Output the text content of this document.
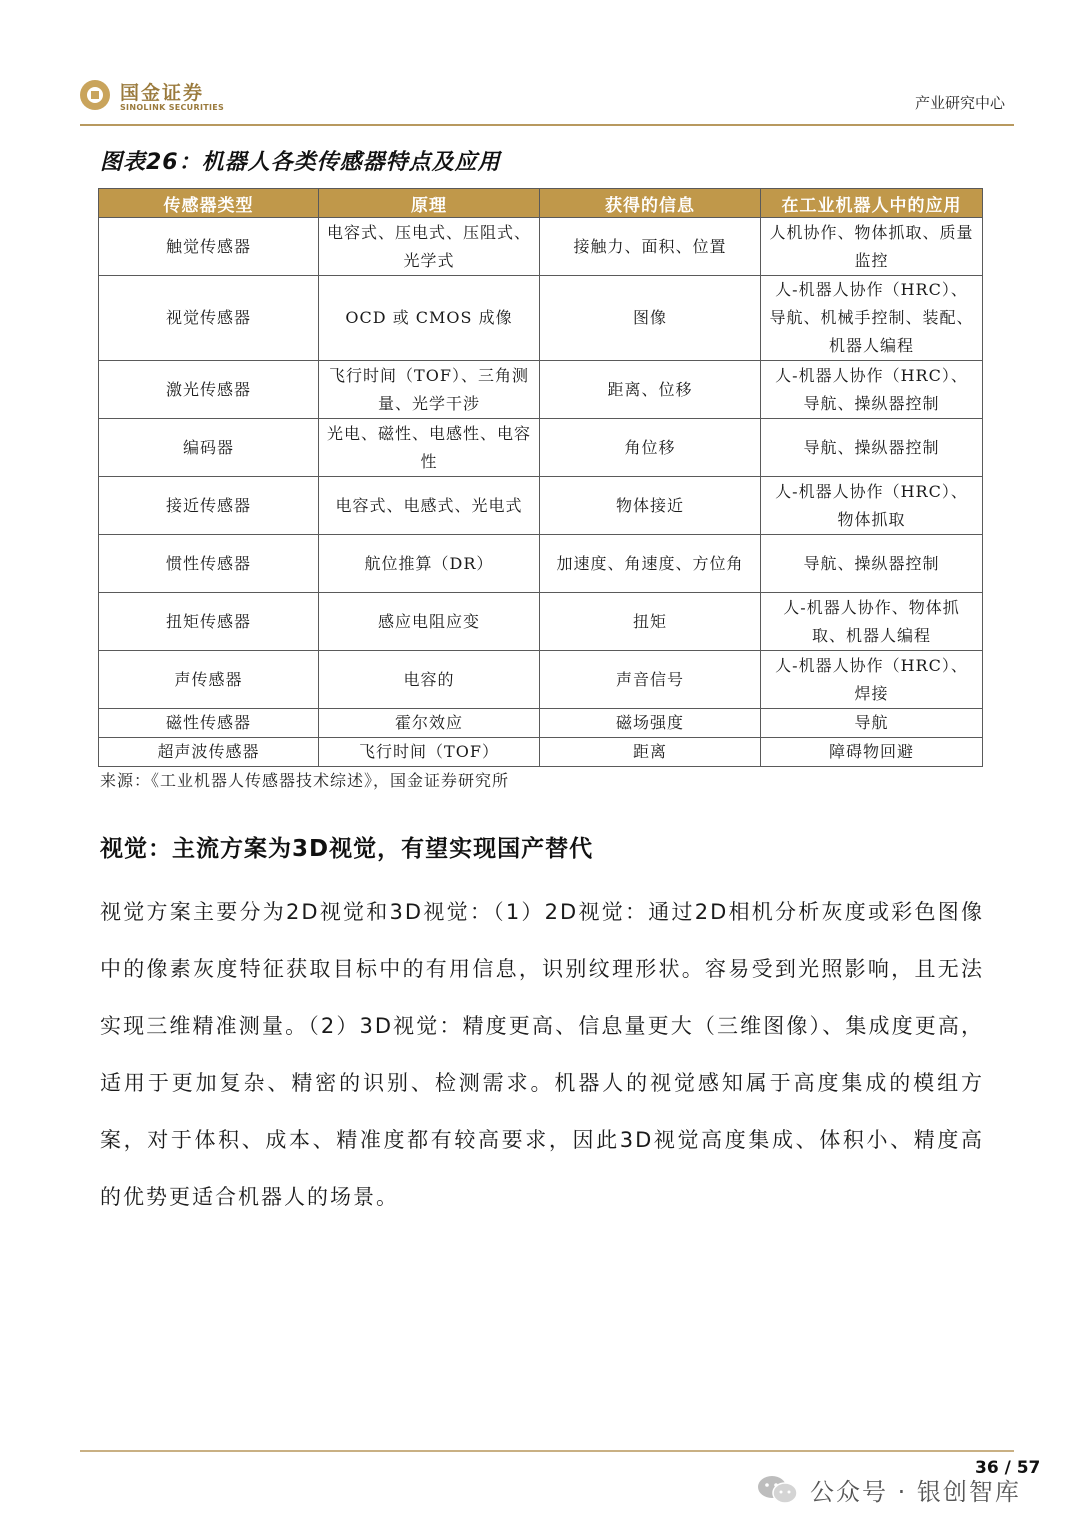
国金证券
SINOLINK SECURITIES	产业研究中心
图表26：机器人各类传感器特点及应用
传感器类型	原理	获得的信息	在工业机器人中的应用
触觉传感器	电容式、压电式、压阻式、光学式	接触力、面积、位置	人机协作、物体抓取、质量监控
视觉传感器	OCD 或 CMOS 成像	图像	人-机器人协作（HRC）、导航、机械手控制、装配、机器人编程
激光传感器	飞行时间（TOF）、三角测量、光学干涉	距离、位移	人-机器人协作（HRC）、导航、操纵器控制
编码器	光电、磁性、电感性、电容性	角位移	导航、操纵器控制
接近传感器	电容式、电感式、光电式	物体接近	人-机器人协作（HRC）、物体抓取
惯性传感器	航位推算（DR）	加速度、角速度、方位角	导航、操纵器控制
扭矩传感器	感应电阻应变	扭矩	人-机器人协作、物体抓取、机器人编程
声传感器	电容的	声音信号	人-机器人协作（HRC）、焊接
磁性传感器	霍尔效应	磁场强度	导航
超声波传感器	飞行时间（TOF）	距离	障碍物回避
来源：《工业机器人传感器技术综述》，国金证券研究所
视觉：主流方案为3D视觉，有望实现国产替代

视觉方案主要分为2D视觉和3D视觉：（1）2D视觉：通过2D相机分析灰度或彩色图像中的像素灰度特征获取目标中的有用信息，识别纹理形状。容易受到光照影响，且无法实现三维精准测量。（2）3D视觉：精度更高、信息量更大（三维图像）、集成度更高，适用于更加复杂、精密的识别、检测需求。机器人的视觉感知属于高度集成的模组方案，对于体积、成本、精准度都有较高要求，因此3D视觉高度集成、体积小、精度高的优势更适合机器人的场景。

36 / 57
公众号 · 银创智库
